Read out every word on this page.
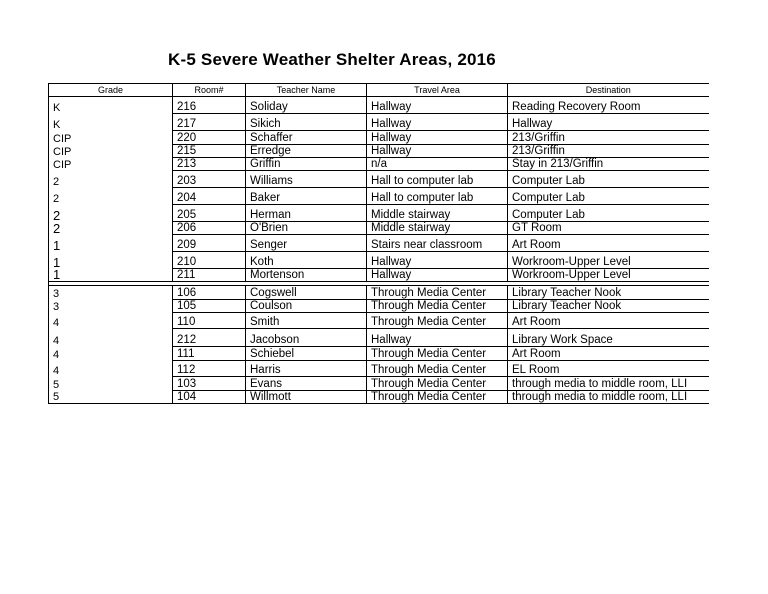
K-5 Severe Weather Shelter Areas, 2016
Grade	Room#	Teacher Name	Travel Area	Destination
K	216	Soliday	Hallway	Reading Recovery Room
K	217	Sikich	Hallway	Hallway
CIP	220	Schaffer	Hallway	213/Griffin
CIP	215	Erredge	Hallway	213/Griffin
CIP	213	Griffin	n/a	Stay in 213/Griffin
2	203	Williams	Hall to computer lab	Computer Lab
2	204	Baker	Hall to computer lab	Computer Lab
2	205	Herman	Middle stairway	Computer Lab
2	206	O'Brien	Middle stairway	GT Room
1	209	Senger	Stairs near classroom	Art Room
1	210	Koth	Hallway	Workroom-Upper Level
1	211	Mortenson	Hallway	Workroom-Upper Level

3	106	Cogswell	Through Media Center	Library Teacher Nook
3	105	Coulson	Through Media Center	Library Teacher Nook
4	110	Smith	Through Media Center	Art Room
4	212	Jacobson	Hallway	Library Work Space
4	111	Schiebel	Through Media Center	Art Room
4	112	Harris	Through Media Center	EL Room
5	103	Evans	Through Media Center	through media to middle room, LLI
5	104	Willmott	Through Media Center	through media to middle room, LLI
